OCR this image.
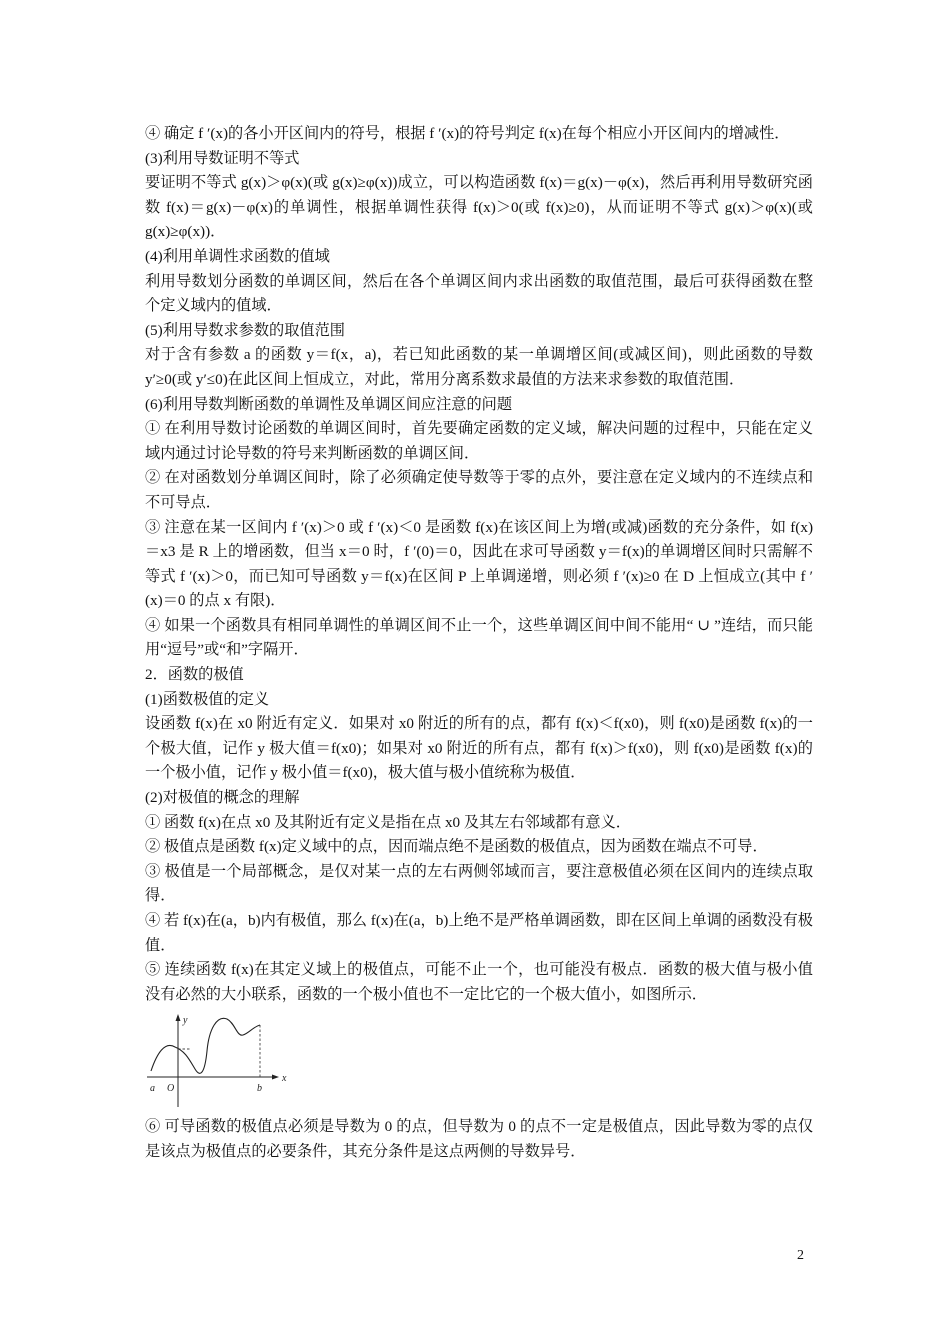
④ 确定 f ′(x)的各小开区间内的符号，根据 f ′(x)的符号判定 f(x)在每个相应小开区间内的增减性．

(3)利用导数证明不等式

要证明不等式 g(x)＞φ(x)(或 g(x)≥φ(x))成立，可以构造函数 f(x)＝g(x)－φ(x)，然后再利用导数研究函数 f(x)＝g(x)－φ(x)的单调性，根据单调性获得 f(x)＞0(或 f(x)≥0)，从而证明不等式 g(x)＞φ(x)(或 g(x)≥φ(x))．

(4)利用单调性求函数的值域

利用导数划分函数的单调区间，然后在各个单调区间内求出函数的取值范围，最后可获得函数在整个定义域内的值域．

(5)利用导数求参数的取值范围

对于含有参数 a 的函数 y＝f(x，a)，若已知此函数的某一单调增区间(或减区间)，则此函数的导数 y′≥0(或 y′≤0)在此区间上恒成立，对此，常用分离系数求最值的方法来求参数的取值范围．

(6)利用导数判断函数的单调性及单调区间应注意的问题

① 在利用导数讨论函数的单调区间时，首先要确定函数的定义域，解决问题的过程中，只能在定义域内通过讨论导数的符号来判断函数的单调区间．

② 在对函数划分单调区间时，除了必须确定使导数等于零的点外，要注意在定义域内的不连续点和不可导点．

③ 注意在某一区间内 f ′(x)＞0 或 f ′(x)＜0 是函数 f(x)在该区间上为增(或减)函数的充分条件，如 f(x)＝x3 是 R 上的增函数，但当 x＝0 时，f ′(0)＝0，因此在求可导函数 y＝f(x)的单调增区间时只需解不等式 f ′(x)＞0，而已知可导函数 y＝f(x)在区间 P 上单调递增，则必须 f ′(x)≥0 在 D 上恒成立(其中 f ′(x)＝0 的点 x 有限)．

④ 如果一个函数具有相同单调性的单调区间不止一个，这些单调区间中间不能用“ ∪ ”连结，而只能用“逗号”或“和”字隔开．

2．函数的极值

(1)函数极值的定义

设函数 f(x)在 x0 附近有定义．如果对 x0 附近的所有的点，都有 f(x)＜f(x0)，则 f(x0)是函数 f(x)的一个极大值，记作 y 极大值＝f(x0)；如果对 x0 附近的所有点，都有 f(x)＞f(x0)，则 f(x0)是函数 f(x)的一个极小值，记作 y 极小值＝f(x0)，极大值与极小值统称为极值．

(2)对极值的概念的理解

① 函数 f(x)在点 x0 及其附近有定义是指在点 x0 及其左右邻域都有意义．

② 极值点是函数 f(x)定义域中的点，因而端点绝不是函数的极值点，因为函数在端点不可导．

③ 极值是一个局部概念，是仅对某一点的左右两侧邻域而言，要注意极值必须在区间内的连续点取得．

④ 若 f(x)在(a，b)内有极值，那么 f(x)在(a，b)上绝不是严格单调函数，即在区间上单调的函数没有极值．

⑤ 连续函数 f(x)在其定义域上的极值点，可能不止一个，也可能没有极点．函数的极大值与极小值没有必然的大小联系，函数的一个极小值也不一定比它的一个极大值小，如图所示．

y
x
a O	b

⑥ 可导函数的极值点必须是导数为 0 的点，但导数为 0 的点不一定是极值点，因此导数为零的点仅是该点为极值点的必要条件，其充分条件是这点两侧的导数异号．

2
